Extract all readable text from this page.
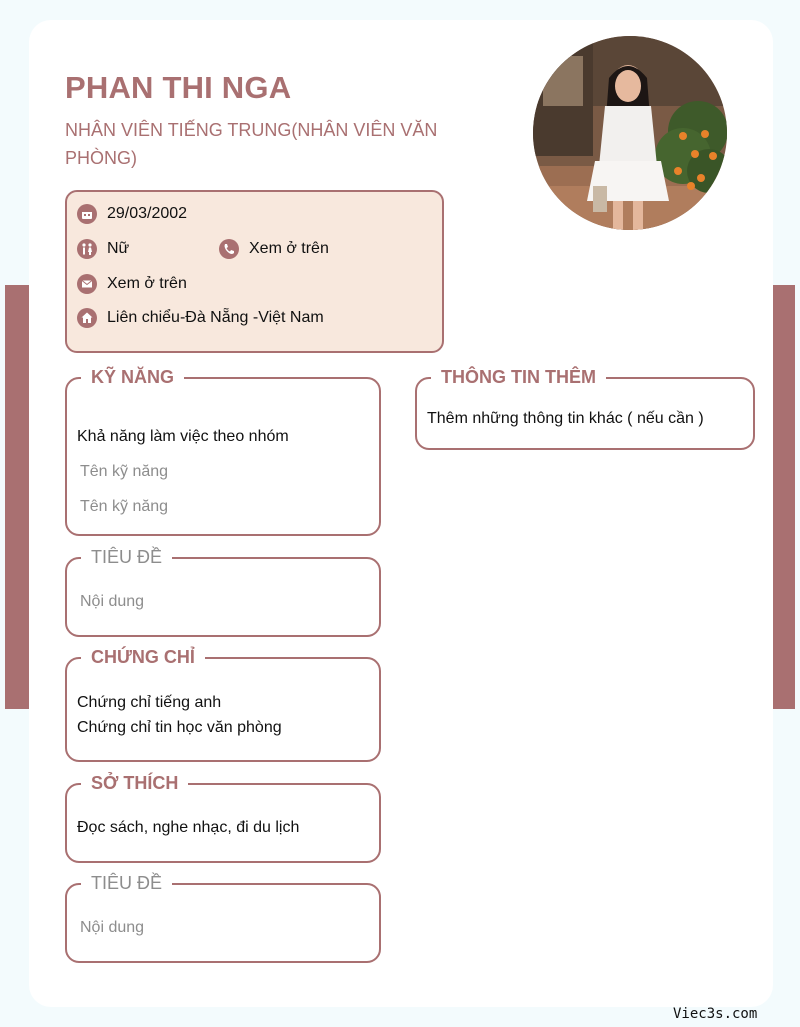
PHAN THI NGA
NHÂN VIÊN TIẾNG TRUNG(NHÂN VIÊN VĂN PHÒNG)
29/03/2002
Nữ	Xem ở trên
Xem ở trên
Liên chiểu-Đà Nẵng -Việt Nam
KỸ NĂNG
Khả năng làm việc theo nhóm
Tên kỹ năng
Tên kỹ năng
THÔNG TIN THÊM
Thêm những thông tin khác ( nếu cần )
TIÊU ĐỀ
Nội dung
CHỨNG CHỈ
Chứng chỉ tiếng anh
Chứng chỉ tin học văn phòng
SỞ THÍCH
Đọc sách, nghe nhạc, đi du lịch
TIÊU ĐỀ
Nội dung
Viec3s.com
